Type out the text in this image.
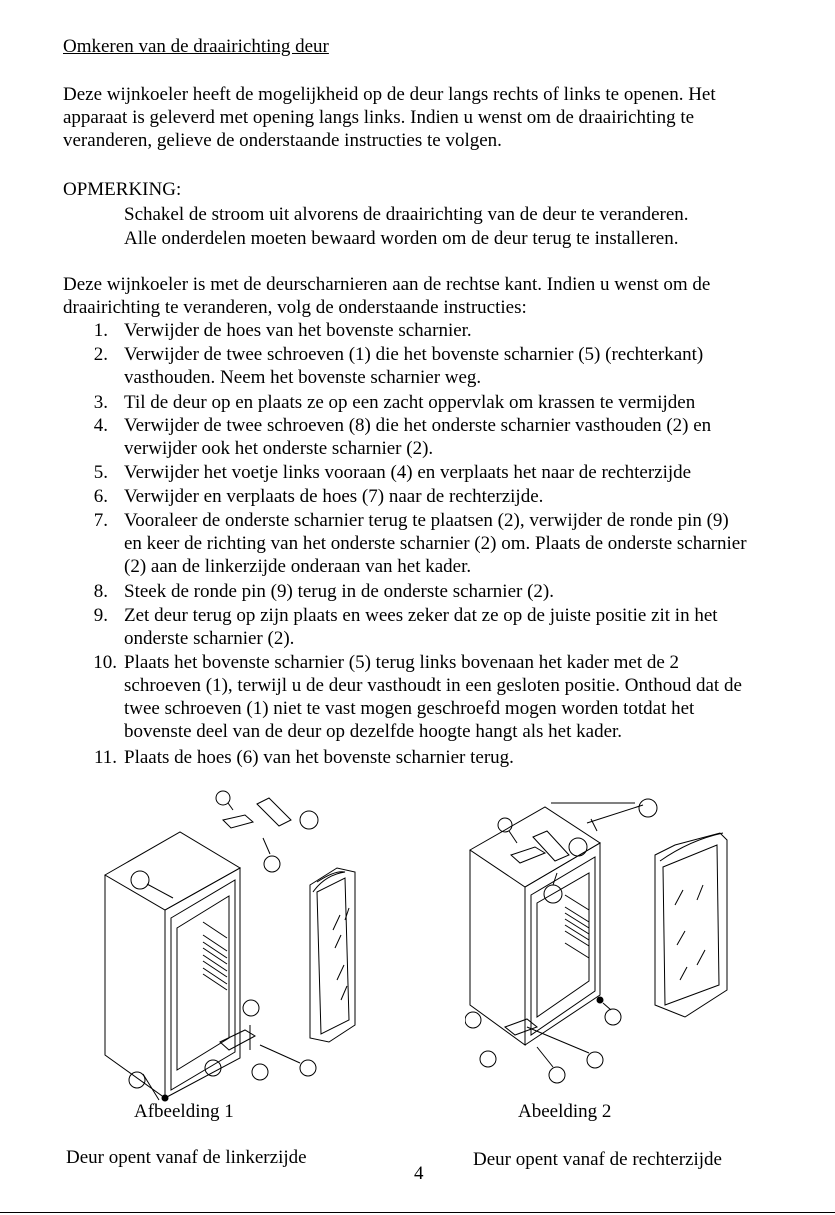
Omkeren van de draairichting deur
Deze wijnkoeler heeft de mogelijkheid op de deur langs rechts of links te openen. Het
apparaat is geleverd met opening langs links. Indien u wenst om de draairichting te
veranderen, gelieve de onderstaande instructies te volgen.
OPMERKING:
Schakel de stroom uit alvorens de draairichting van de deur te veranderen.
Alle onderdelen moeten bewaard worden om de deur terug te installeren.
Deze wijnkoeler is met de deurscharnieren aan de rechtse kant. Indien u wenst om de
draairichting te veranderen, volg de onderstaande instructies:
1. Verwijder de hoes van het bovenste scharnier.
2. Verwijder de twee schroeven (1) die het bovenste scharnier (5) (rechterkant)
vasthouden. Neem het bovenste scharnier weg.
3. Til de deur op en plaats ze op een zacht oppervlak om krassen te vermijden
4. Verwijder de twee schroeven (8) die het onderste scharnier vasthouden (2) en
verwijder ook het onderste scharnier (2).
5. Verwijder het voetje links vooraan (4) en verplaats het naar de rechterzijde
6. Verwijder en verplaats de hoes (7) naar de rechterzijde.
7. Vooraleer de onderste scharnier terug te plaatsen (2), verwijder de ronde pin (9)
en keer de richting van het onderste scharnier (2) om. Plaats de onderste scharnier
(2) aan de linkerzijde onderaan van het kader.
8. Steek de ronde pin (9) terug in de onderste scharnier (2).
9. Zet deur terug op zijn plaats en wees zeker dat ze op de juiste positie zit in het
onderste scharnier (2).
10. Plaats het bovenste scharnier (5) terug links bovenaan het kader met de 2
schroeven (1), terwijl u de deur vasthoudt in een gesloten positie. Onthoud dat de
twee schroeven (1) niet te vast mogen geschroefd mogen worden totdat het
bovenste deel van de deur op dezelfde hoogte hangt als het kader.
11. Plaats de hoes (6) van het bovenste scharnier terug.
Afbeelding 1	Abeelding 2
Deur opent vanaf de linkerzijde	Deur opent vanaf de rechterzijde
4
